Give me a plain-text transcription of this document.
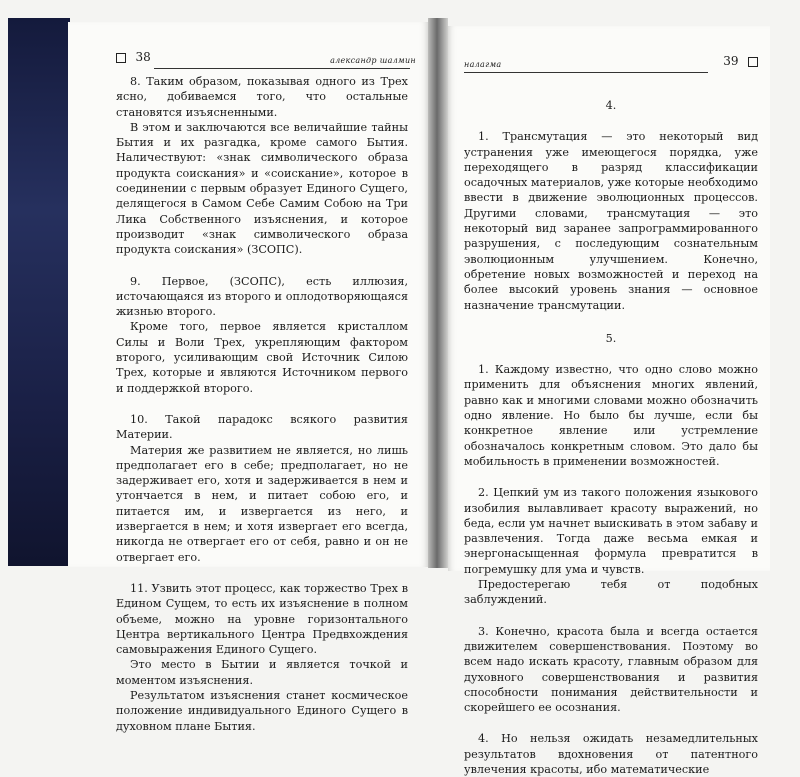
38	александр шалмин

8. Таким образом, показывая одного из Трех ясно, добиваемся того, что остальные становятся изъясненными.

В этом и заключаются все величайшие тайны Бытия и их разгадка, кроме самого Бытия. Наличествуют: «знак символического образа продукта соискания» и «соискание», которое в соединении с первым образует Единого Сущего, делящегося в Самом Себе Самим Собою на Три Лика Собственного изъяснения, и которое производит «знак символического образа продукта соискания» (ЗСОПС).

9. Первое, (ЗСОПС), есть иллюзия, источающаяся из второго и оплодотворяющаяся жизнью второго.

Кроме того, первое является кристаллом Силы и Воли Трех, укрепляющим фактором второго, усиливающим свой Источник Силою Трех, которые и являются Источником первого и поддержкой второго.

10. Такой парадокс всякого развития Материи.

Материя же развитием не является, но лишь предполагает его в себе; предполагает, но не задерживает его, хотя и задерживается в нем и утончается в нем, и питает собою его, и питается им, и извергается из него, и извергается в нем; и хотя извергает его всегда, никогда не отвергает его от себя, равно и он не отвергает его.

11. Узвить этот процесс, как торжество Трех в Едином Сущем, то есть их изъяснение в полном объеме, можно на уровне горизонтального Центра вертикального Центра Предвхождения самовыражения Единого Сущего.

Это место в Бытии и является точкой и моментом изъяснения.

Результатом изъяснения станет космическое положение индивидуального Единого Сущего в духовном плане Бытия.

налагма	39

4.

1. Трансмутация — это некоторый вид устранения уже имеющегося порядка, уже переходящего в разряд классификации осадочных материалов, уже которые необходимо ввести в движение эволюционных процессов. Другими словами, трансмутация — это некоторый вид заранее запрограммированного разрушения, с последующим сознательным эволюционным улучшением. Конечно, обретение новых возможностей и переход на более высокий уровень знания — основное назначение трансмутации.

5.

1. Каждому известно, что одно слово можно применить для объяснения многих явлений, равно как и многими словами можно обозначить одно явление. Но было бы лучше, если бы конкретное явление или устремление обозначалось конкретным словом. Это дало бы мобильность в применении возможностей.

2. Цепкий ум из такого положения языкового изобилия вылавливает красоту выражений, но беда, если ум начнет выискивать в этом забаву и развлечения. Тогда даже весьма емкая и энергонасыщенная формула превратится в погремушку для ума и чувств.

Предостерегаю тебя от подобных заблуждений.

3. Конечно, красота была и всегда остается движителем совершенствования. Поэтому во всем надо искать красоту, главным образом для духовного совершенствования и развития способности понимания действительности и скорейшего ее осознания.

4. Но нельзя ожидать незамедлительных результатов вдохновения от патентного увлечения красоты, ибо математические
